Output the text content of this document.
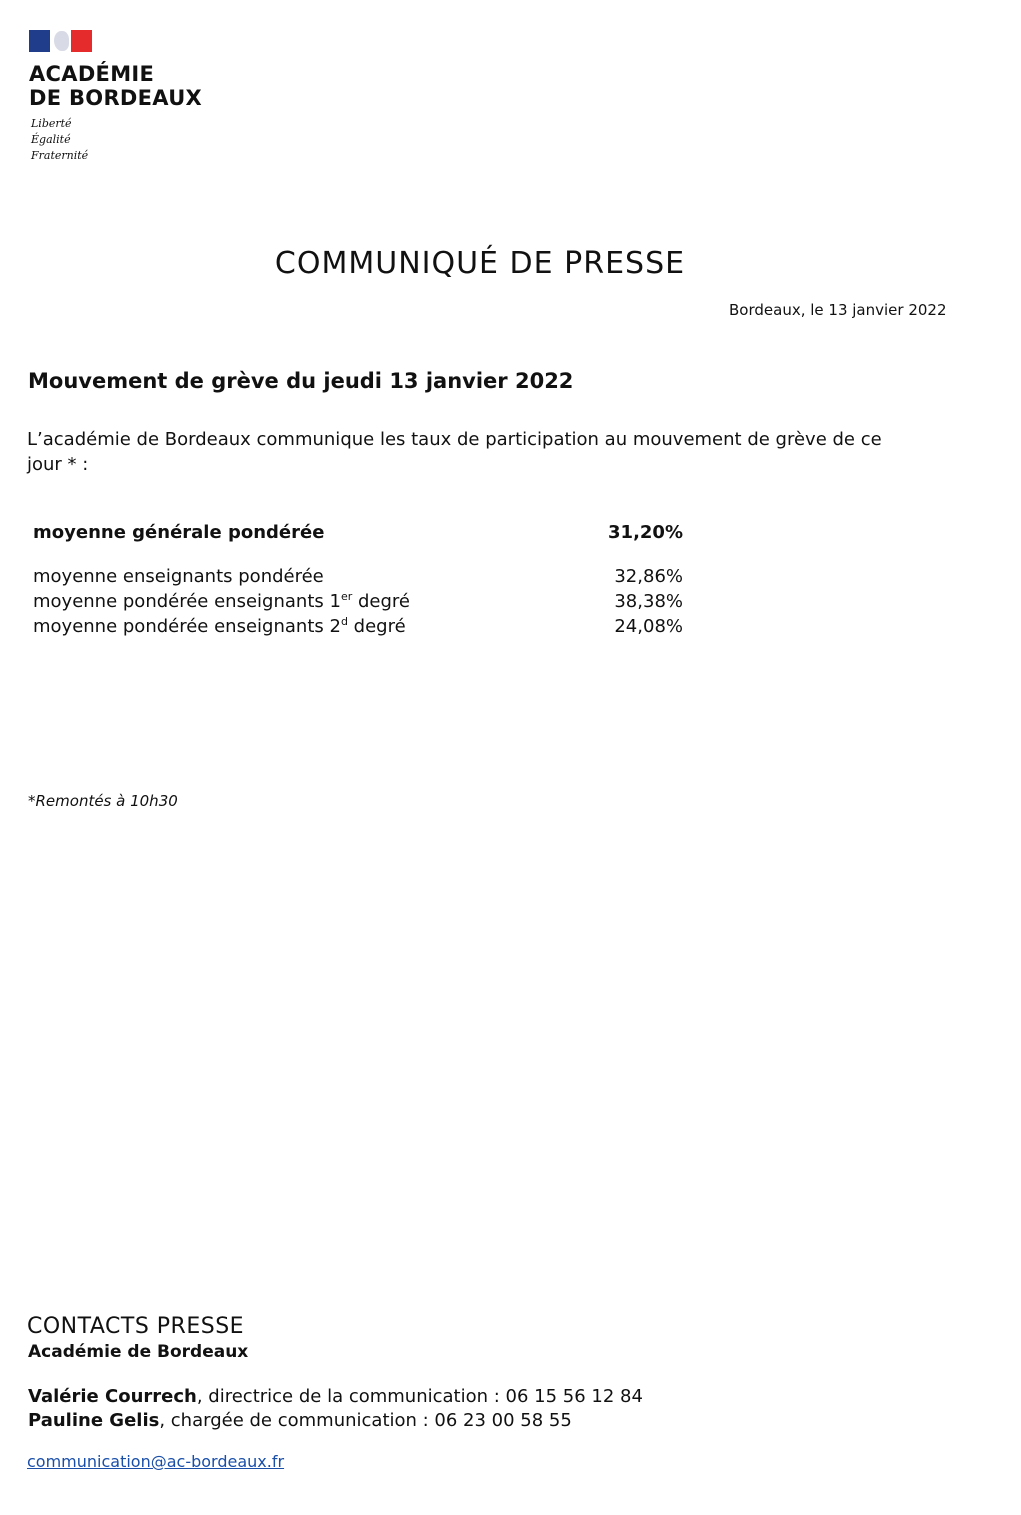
ACADÉMIE
DE BORDEAUX
Liberté
Égalité
Fraternité
COMMUNIQUÉ DE PRESSE
Bordeaux, le 13 janvier 2022
Mouvement de grève du jeudi 13 janvier 2022
L’académie de Bordeaux communique les taux de participation au mouvement de grève de ce jour * :
moyenne générale pondérée	31,20%
moyenne enseignants pondérée	32,86%
moyenne pondérée enseignants 1er degré	38,38%
moyenne pondérée enseignants 2$^d$ degré	24,08%
*Remontés à 10h30
CONTACTS PRESSE
Académie de Bordeaux
Valérie Courrech, directrice de la communication : 06 15 56 12 84
Pauline Gelis, chargée de communication : 06 23 00 58 55
communication@ac-bordeaux.fr
